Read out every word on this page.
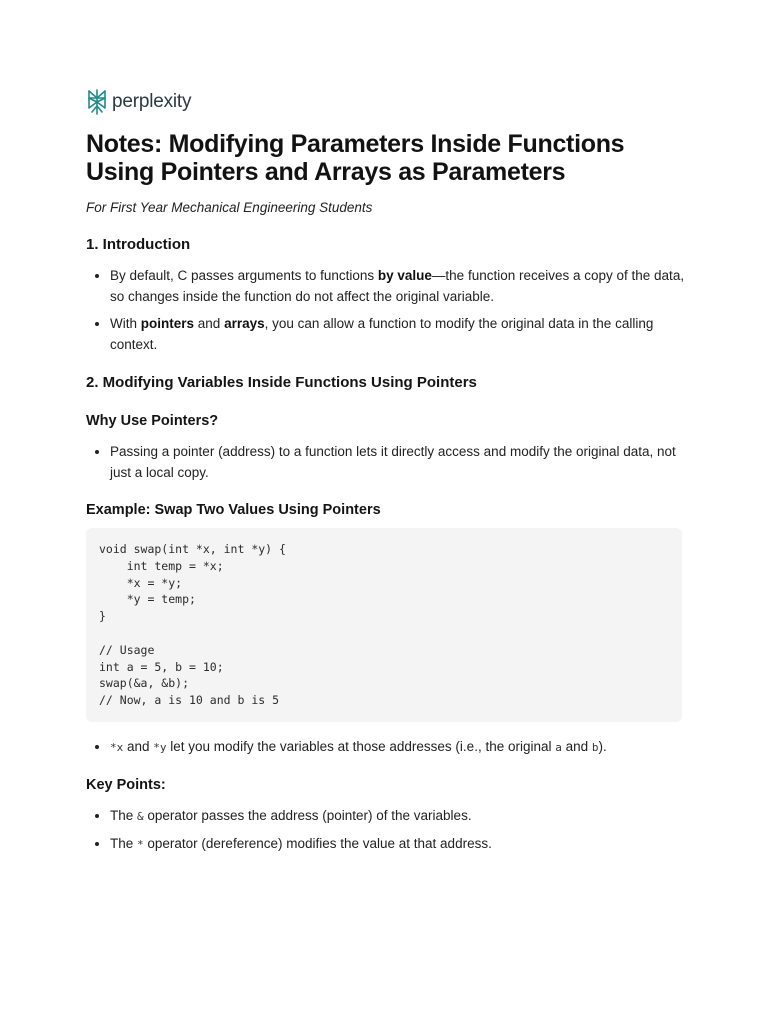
perplexity
Notes: Modifying Parameters Inside Functions
Using Pointers and Arrays as Parameters
For First Year Mechanical Engineering Students
1. Introduction
• By default, C passes arguments to functions by value—the function receives a copy of the data, so changes inside the function do not affect the original variable.
• With pointers and arrays, you can allow a function to modify the original data in the calling context.
2. Modifying Variables Inside Functions Using Pointers
Why Use Pointers?
• Passing a pointer (address) to a function lets it directly access and modify the original data, not just a local copy.
Example: Swap Two Values Using Pointers
void swap(int *x, int *y) {
int temp = *x;
*x = *y;
*y = temp;
}

// Usage
int a = 5, b = 10;
swap(&a, &b);
// Now, a is 10 and b is 5
• *x and *y let you modify the variables at those addresses (i.e., the original a and b).
Key Points:
• The & operator passes the address (pointer) of the variables.
• The * operator (dereference) modifies the value at that address.
